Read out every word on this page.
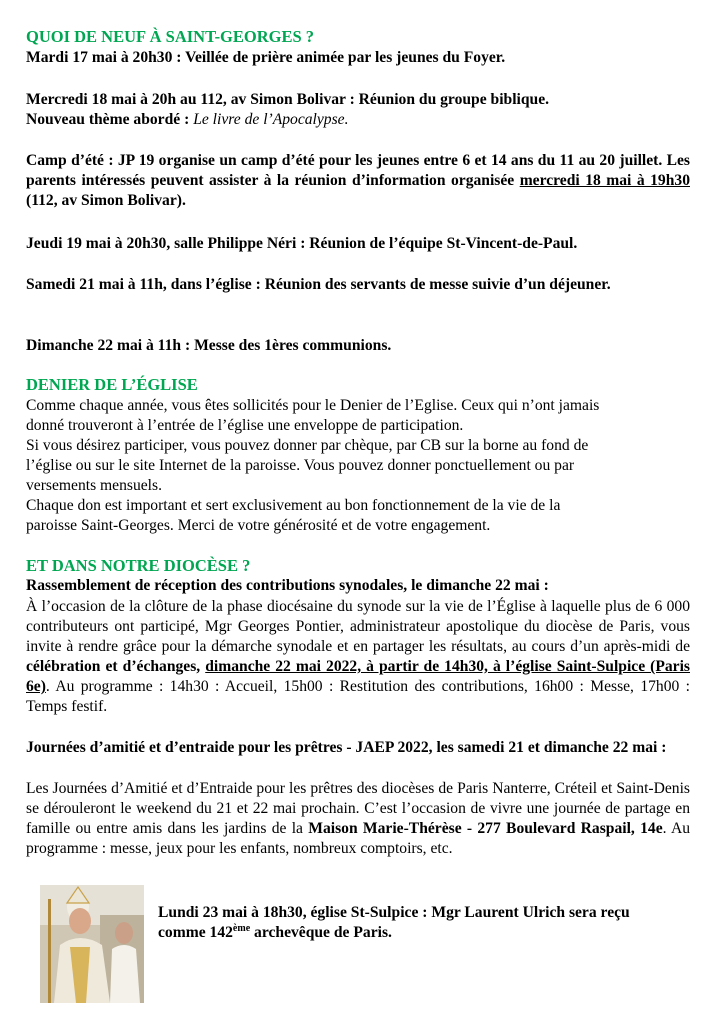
QUOI DE NEUF À SAINT-GEORGES ?

Mardi 17 mai à 20h30 : Veillée de prière animée par les jeunes du Foyer.

Mercredi 18 mai à 20h au 112, av Simon Bolivar : Réunion du groupe biblique.
Nouveau thème abordé : Le livre de l’Apocalypse.

Camp d’été : JP 19 organise un camp d’été pour les jeunes entre 6 et 14 ans du 11 au 20 juillet. Les parents intéressés peuvent assister à la réunion d’information organisée mercredi 18 mai à 19h30 (112, av Simon Bolivar).

Jeudi 19 mai à 20h30, salle Philippe Néri : Réunion de l’équipe St-Vincent-de-Paul.

Samedi 21 mai à 11h, dans l’église : Réunion des servants de messe suivie d’un déjeuner.

Dimanche 22 mai à 11h : Messe des 1ères communions.

DENIER DE L’ÉGLISE

Comme chaque année, vous êtes sollicités pour le Denier de l’Eglise. Ceux qui n’ont jamais
donné trouveront à l’entrée de l’église une enveloppe de participation.
Si vous désirez participer, vous pouvez donner par chèque, par CB sur la borne au fond de
l’église ou sur le site Internet de la paroisse. Vous pouvez donner ponctuellement ou par
versements mensuels.
Chaque don est important et sert exclusivement au bon fonctionnement de la vie de la
paroisse Saint-Georges. Merci de votre générosité et de votre engagement.

ET DANS NOTRE DIOCÈSE ?

Rassemblement de réception des contributions synodales, le dimanche 22 mai :

À l’occasion de la clôture de la phase diocésaine du synode sur la vie de l’Église à laquelle plus de 6 000 contributeurs ont participé, Mgr Georges Pontier, administrateur apostolique du diocèse de Paris, vous invite à rendre grâce pour la démarche synodale et en partager les résultats, au cours d’un après-midi de célébration et d’échanges, dimanche 22 mai 2022, à partir de 14h30, à l’église Saint-Sulpice (Paris 6e). Au programme : 14h30 : Accueil, 15h00 : Restitution des contributions, 16h00 : Messe, 17h00 : Temps festif.

Journées d’amitié et d’entraide pour les prêtres - JAEP 2022, les samedi 21 et dimanche 22 mai :

Les Journées d’Amitié et d’Entraide pour les prêtres des diocèses de Paris Nanterre, Créteil et Saint-Denis se dérouleront le weekend du 21 et 22 mai prochain. C’est l’occasion de vivre une journée de partage en famille ou entre amis dans les jardins de la Maison Marie-Thérèse - 277 Boulevard Raspail, 14e. Au programme : messe, jeux pour les enfants, nombreux comptoirs, etc.

Lundi 23 mai à 18h30, église St-Sulpice : Mgr Laurent Ulrich sera reçu comme 142ème archevêque de Paris.
